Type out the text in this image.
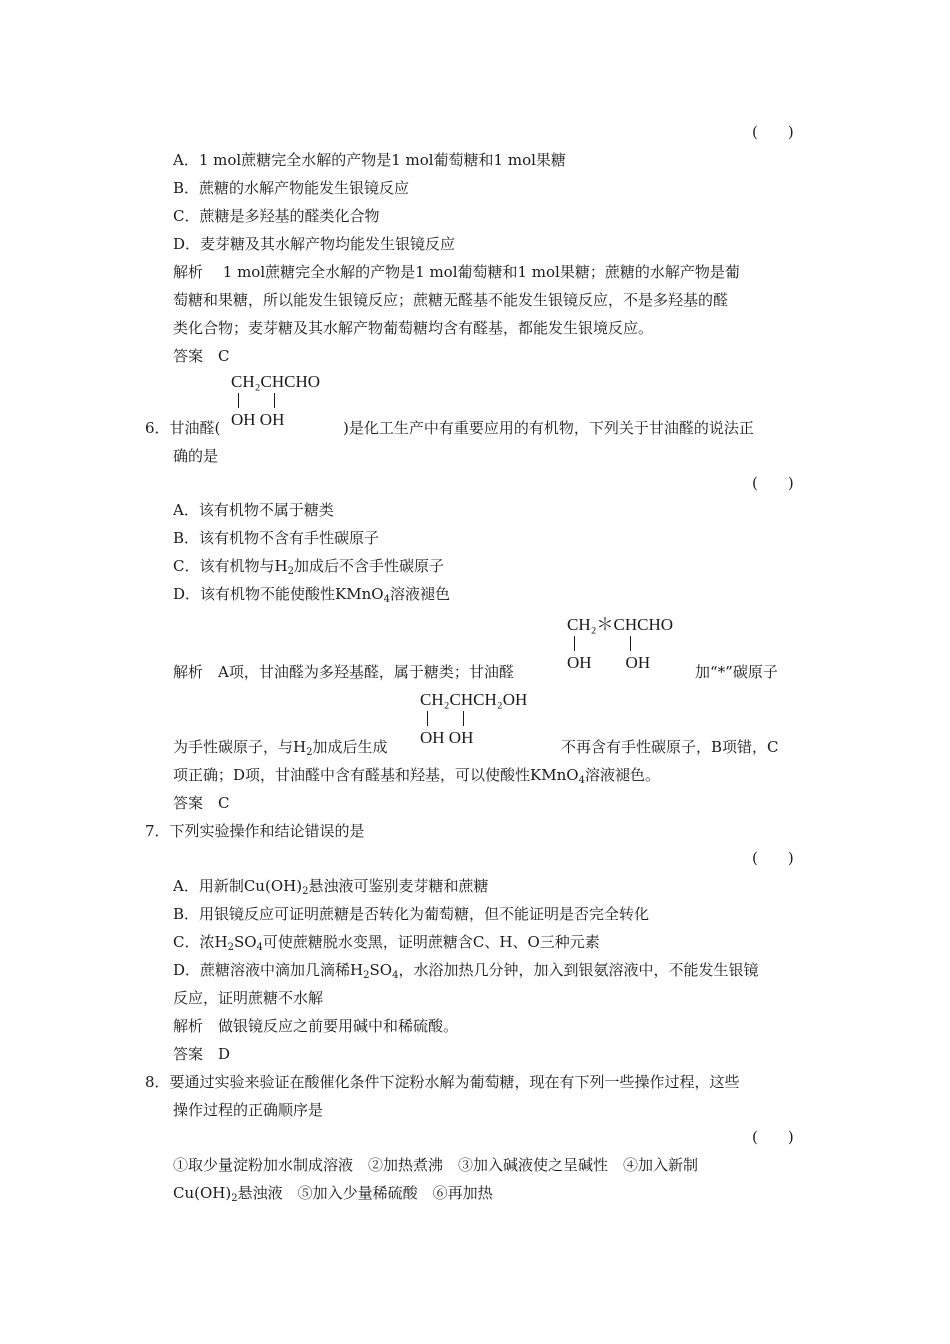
(　　)
A．1 mol蔗糖完全水解的产物是1 mol葡萄糖和1 mol果糖
B．蔗糖的水解产物能发生银镜反应
C．蔗糖是多羟基的醛类化合物
D．麦芽糖及其水解产物均能发生银镜反应
解析　 1 mol蔗糖完全水解的产物是1 mol葡萄糖和1 mol果糖；蔗糖的水解产物是葡
萄糖和果糖，所以能发生银镜反应；蔗糖无醛基不能发生银镜反应，不是多羟基的醛
类化合物；麦芽糖及其水解产物葡萄糖均含有醛基，都能发生银境反应。
答案　C
CH₂CHCHO
OH OH
6．甘油醛(	)是化工生产中有重要应用的有机物，下列关于甘油醛的说法正
确的是
(　　)
A．该有机物不属于糖类
B．该有机物不含有手性碳原子
C．该有机物与$H_2$加成后不含手性碳原子
D．该有机物不能使酸性KMnO$_4$溶液褪色
CH₂＊CHCHO
OH　　OH
解析　A项，甘油醛为多羟基醛，属于糖类；甘油醛	加“*”碳原子
CH₂CHCH₂OH
OH OH
为手性碳原子，与$H_2$加成后生成	不再含有手性碳原子，B项错，C
项正确；D项，甘油醛中含有醛基和羟基，可以使酸性KMnO$_4$溶液褪色。
答案　C
7．下列实验操作和结论错误的是
(　　)
A．用新制$Cu(OH)_2$悬浊液可鉴别麦芽糖和蔗糖
B．用银镜反应可证明蔗糖是否转化为葡萄糖，但不能证明是否完全转化
C．浓$H_2SO_4$可使蔗糖脱水变黑，证明蔗糖含C、H、O三种元素
D．蔗糖溶液中滴加几滴稀$H_2SO_4$，水浴加热几分钟，加入到银氨溶液中，不能发生银镜
反应，证明蔗糖不水解
解析　做银镜反应之前要用碱中和稀硫酸。
答案　D
8．要通过实验来验证在酸催化条件下淀粉水解为葡萄糖，现在有下列一些操作过程，这些
操作过程的正确顺序是
(　　)
①取少量淀粉加水制成溶液　②加热煮沸　③加入碱液使之呈碱性　④加入新制
$Cu(OH)_2$悬浊液　⑤加入少量稀硫酸　⑥再加热
